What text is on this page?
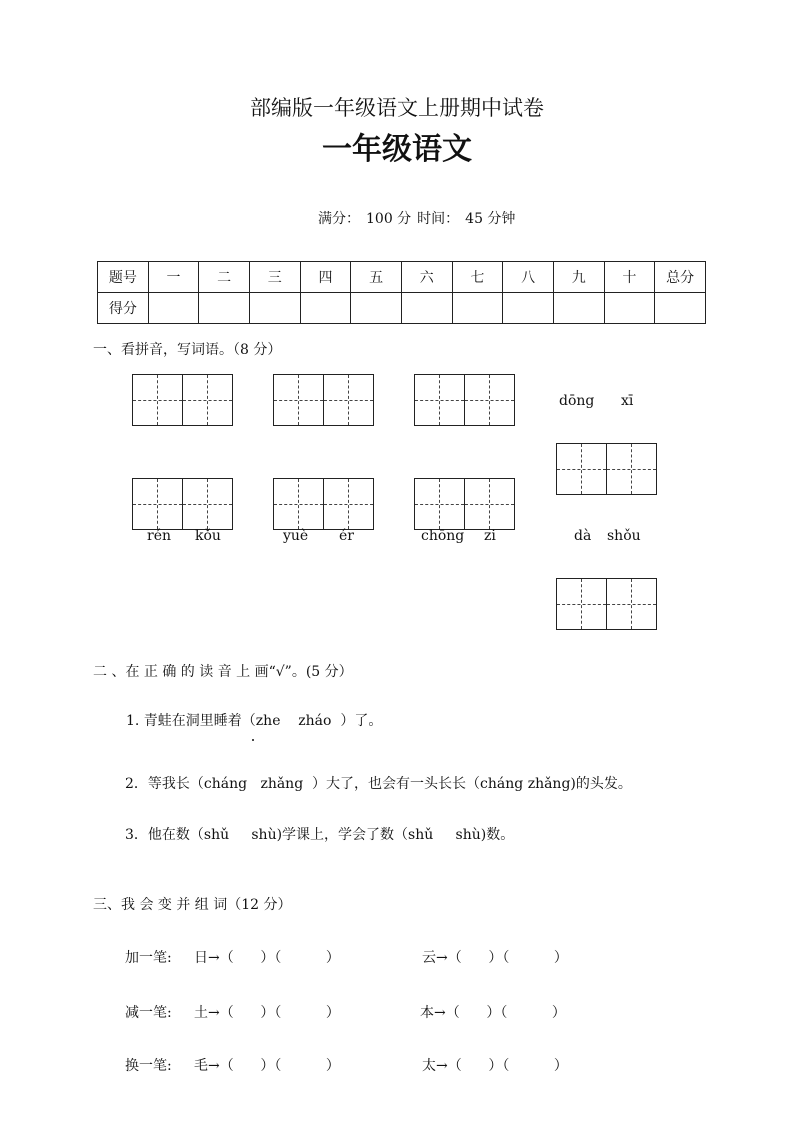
部编版一年级语文上册期中试卷
一年级语文
满分： 100 分 时间： 45 分钟
题号	一	二	三	四	五	六	七	八	九	十	总分
得分											
一、看拼音，写词语。（8 分）
rén kǒu	yuè ér	chōng zi
dōng xī
dà shǒu
二 、在 正 确 的 读 音 上 画“√”。(5 分）
1. 青蛙在洞里睡着（zhe    zháo  ）了。
2．等我长（cháng   zhǎng  ）大了，也会有一头长长（cháng zhǎng)的头发。
3．他在数（shǔ     shù)学课上，学会了数（shǔ     shù)数。
三、我 会 变 并 组 词（12 分）
加一笔: 日→（      ）（          ）	云→（      ）（          ）
减一笔: 土→（      ）（          ）	本→（      ）（          ）
换一笔: 毛→（      ）（          ）	太→（      ）（          ）
